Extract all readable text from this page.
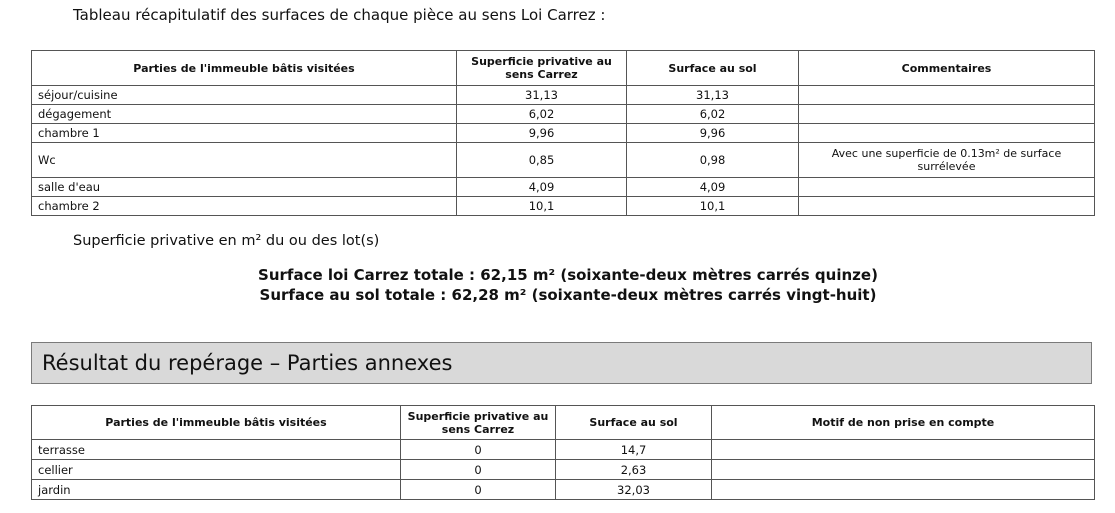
Tableau récapitulatif des surfaces de chaque pièce au sens Loi Carrez :

Parties de l'immeuble bâtis visitées	Superficie privative au sens Carrez	Surface au sol	Commentaires
séjour/cuisine	31,13	31,13	
dégagement	6,02	6,02	
chambre 1	9,96	9,96	
Wc	0,85	0,98	Avec une superficie de 0.13m² de surface surrélevée
salle d'eau	4,09	4,09	
chambre 2	10,1	10,1	

Superficie privative en m² du ou des lot(s)

Surface loi Carrez totale : 62,15 m² (soixante-deux mètres carrés quinze)
Surface au sol totale : 62,28 m² (soixante-deux mètres carrés vingt-huit)
Résultat du repérage – Parties annexes
Parties de l'immeuble bâtis visitées	Superficie privative au sens Carrez	Surface au sol	Motif de non prise en compte
terrasse	0	14,7	
cellier	0	2,63	
jardin	0	32,03	
